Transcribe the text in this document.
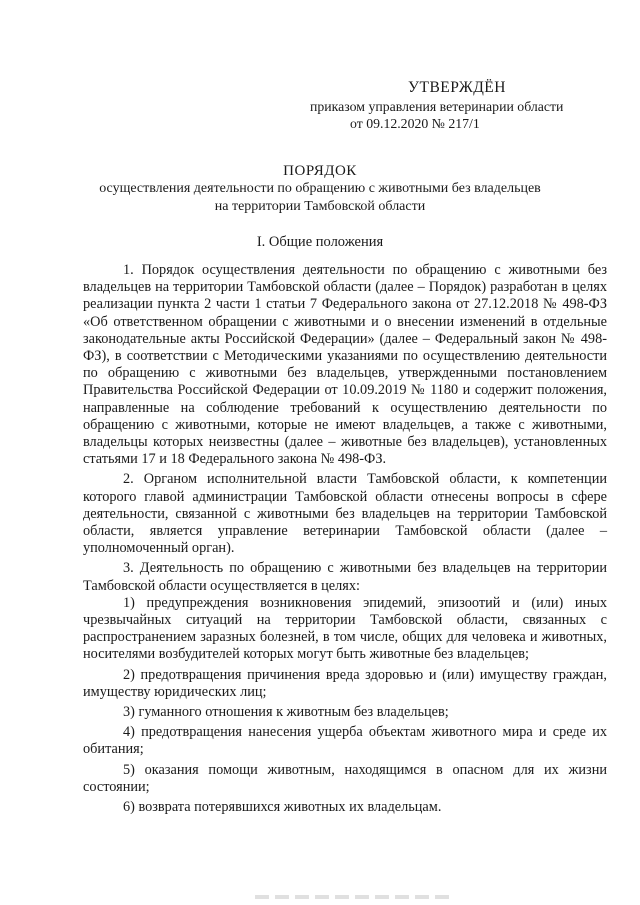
УТВЕРЖДЁН
приказом управления ветеринарии области
от 09.12.2020 № 217/1
ПОРЯДОК
осуществления деятельности по обращению с животными без владельцев
на территории Тамбовской области
I. Общие положения

1. Порядок осуществления деятельности по обращению с животными без владельцев на территории Тамбовской области (далее – Порядок) разработан в целях реализации пункта 2 части 1 статьи 7 Федерального закона от 27.12.2018 № 498-ФЗ «Об ответственном обращении с животными и о внесении изменений в отдельные законодательные акты Российской Федерации» (далее – Федеральный закон № 498-ФЗ), в соответствии с Методическими указаниями по осуществлению деятельности по обращению с животными без владельцев, утвержденными постановлением Правительства Российской Федерации от 10.09.2019 № 1180 и содержит положения, направленные на соблюдение требований к осуществлению деятельности по обращению с животными, которые не имеют владельцев, а также с животными, владельцы которых неизвестны (далее – животные без владельцев), установленных статьями 17 и 18 Федерального закона № 498-ФЗ.

2. Органом исполнительной власти Тамбовской области, к компетенции которого главой администрации Тамбовской области отнесены вопросы в сфере деятельности, связанной с животными без владельцев на территории Тамбовской области, является управление ветеринарии Тамбовской области (далее – уполномоченный орган).

3. Деятельность по обращению с животными без владельцев на территории Тамбовской области осуществляется в целях:

1) предупреждения возникновения эпидемий, эпизоотий и (или) иных чрезвычайных ситуаций на территории Тамбовской области, связанных с распространением заразных болезней, в том числе, общих для человека и животных, носителями возбудителей которых могут быть животные без владельцев;

2) предотвращения причинения вреда здоровью и (или) имуществу граждан, имуществу юридических лиц;

3) гуманного отношения к животным без владельцев;

4) предотвращения нанесения ущерба объектам животного мира и среде их обитания;

5) оказания помощи животным, находящимся в опасном для их жизни состоянии;

6) возврата потерявшихся животных их владельцам.
